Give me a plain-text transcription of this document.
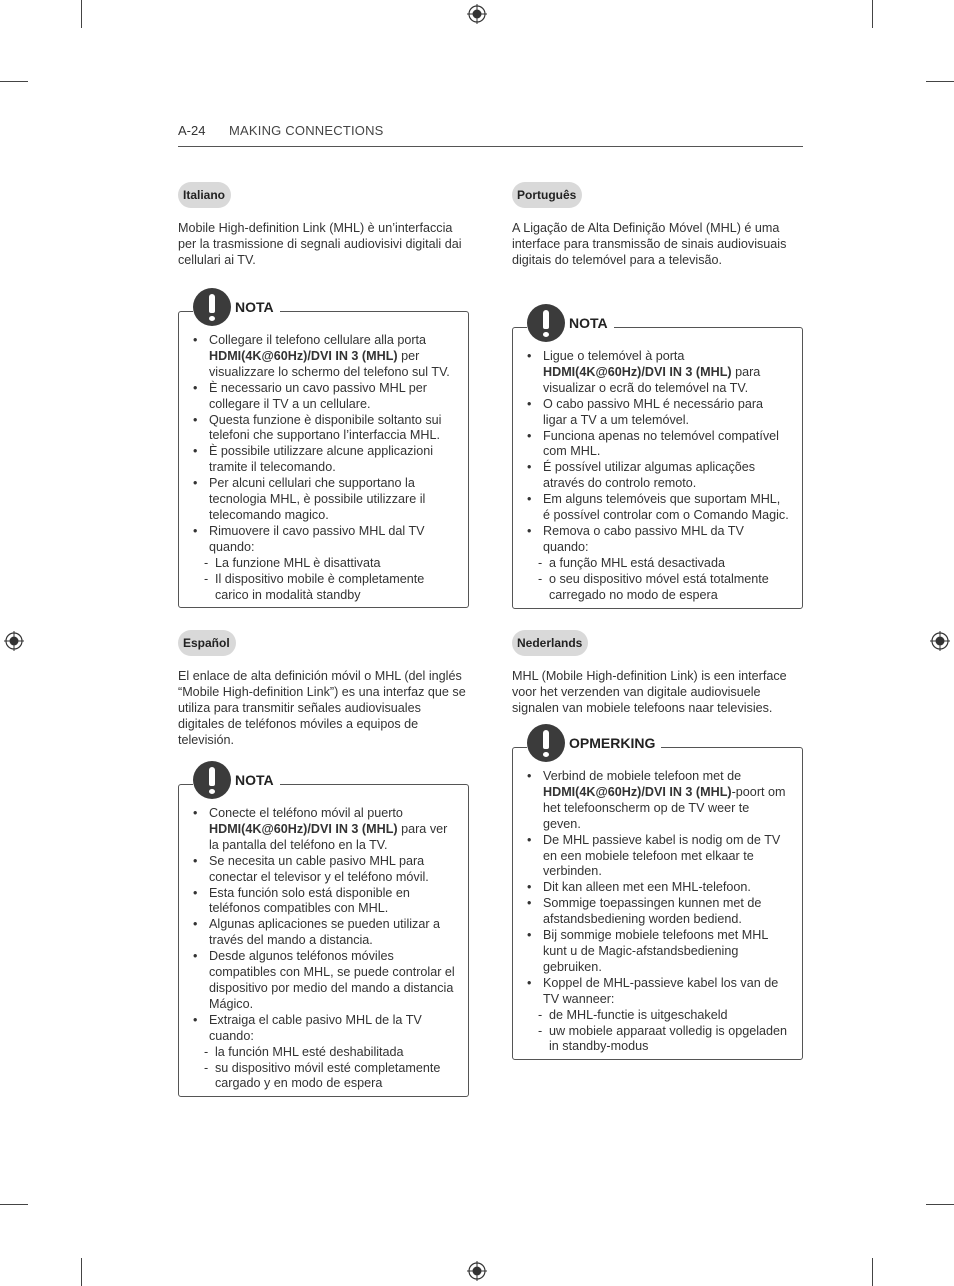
A-24 MAKING CONNECTIONS
Italiano
Mobile High-definition Link (MHL) è un’interfaccia per la trasmissione di segnali audiovisivi digitali dai cellulari ai TV.
NOTA
• Collegare il telefono cellulare alla porta
HDMI(4K@60Hz)/DVI IN 3 (MHL) per visualizzare lo schermo del telefono sul TV.
• È necessario un cavo passivo MHL per collegare il TV a un cellulare.
• Questa funzione è disponibile soltanto sui telefoni che supportano l’interfaccia MHL.
• È possibile utilizzare alcune applicazioni tramite il telecomando.
• Per alcuni cellulari che supportano la tecnologia MHL, è possibile utilizzare il telecomando magico.
• Rimuovere il cavo passivo MHL dal TV quando:
- La funzione MHL è disattivata
- Il dispositivo mobile è completamente carico in modalità standby
Português
A Ligação de Alta Definição Móvel (MHL) é uma interface para transmissão de sinais audiovisuais digitais do telemóvel para a televisão.
NOTA
• Ligue o telemóvel à porta
HDMI(4K@60Hz)/DVI IN 3 (MHL) para visualizar o ecrã do telemóvel na TV.
• O cabo passivo MHL é necessário para ligar a TV a um telemóvel.
• Funciona apenas no telemóvel compatível com MHL.
• É possível utilizar algumas aplicações através do controlo remoto.
• Em alguns telemóveis que suportam MHL, é possível controlar com o Comando Magic.
• Remova o cabo passivo MHL da TV quando:
- a função MHL está desactivada
- o seu dispositivo móvel está totalmente carregado no modo de espera
Español
El enlace de alta definición móvil o MHL (del inglés “Mobile High-definition Link”) es una interfaz que se utiliza para transmitir señales audiovisuales digitales de teléfonos móviles a equipos de televisión.
NOTA
• Conecte el teléfono móvil al puerto
HDMI(4K@60Hz)/DVI IN 3 (MHL) para ver la pantalla del teléfono en la TV.
• Se necesita un cable pasivo MHL para conectar el televisor y el teléfono móvil.
• Esta función solo está disponible en teléfonos compatibles con MHL.
• Algunas aplicaciones se pueden utilizar a través del mando a distancia.
• Desde algunos teléfonos móviles compatibles con MHL, se puede controlar el dispositivo por medio del mando a distancia Mágico.
• Extraiga el cable pasivo MHL de la TV cuando:
- la función MHL esté deshabilitada
- su dispositivo móvil esté completamente cargado y en modo de espera
Nederlands
MHL (Mobile High-definition Link) is een interface voor het verzenden van digitale audiovisuele signalen van mobiele telefoons naar televisies.
OPMERKING
• Verbind de mobiele telefoon met de
HDMI(4K@60Hz)/DVI IN 3 (MHL)-poort om het telefoonscherm op de TV weer te geven.
• De MHL passieve kabel is nodig om de TV en een mobiele telefoon met elkaar te verbinden.
• Dit kan alleen met een MHL-telefoon.
• Sommige toepassingen kunnen met de afstandsbediening worden bediend.
• Bij sommige mobiele telefoons met MHL kunt u de Magic-afstandsbediening gebruiken.
• Koppel de MHL-passieve kabel los van de TV wanneer:
- de MHL-functie is uitgeschakeld
- uw mobiele apparaat volledig is opgeladen in standby-modus
